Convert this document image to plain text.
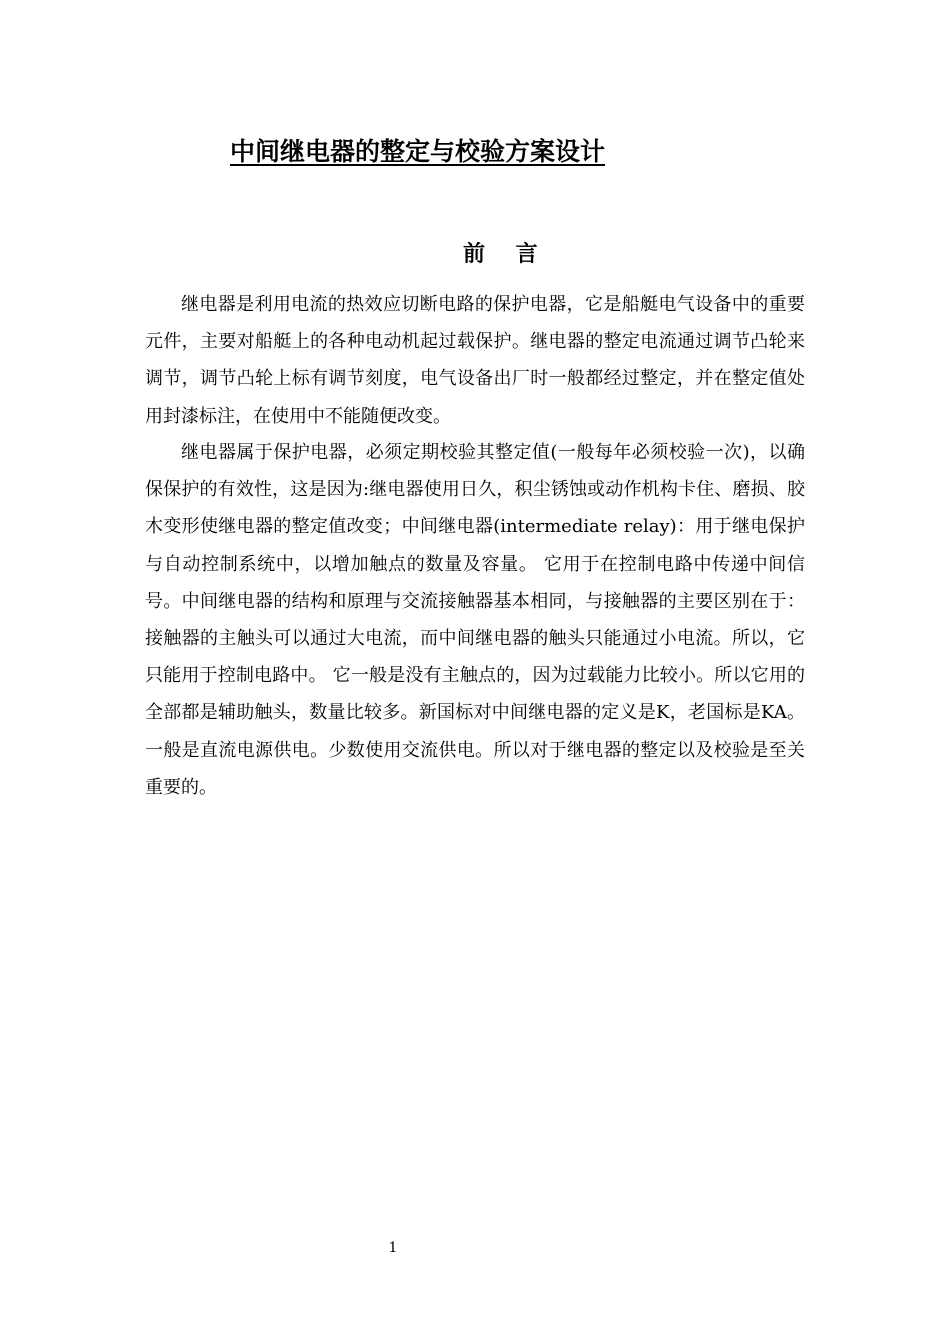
中间继电器的整定与校验方案设计
前    言

继电器是利用电流的热效应切断电路的保护电器，它是船艇电气设备中的重要元件，主要对船艇上的各种电动机起过载保护。继电器的整定电流通过调节凸轮来调节，调节凸轮上标有调节刻度，电气设备出厂时一般都经过整定，并在整定值处用封漆标注，在使用中不能随便改变。

继电器属于保护电器，必须定期校验其整定值(一般每年必须校验一次)，以确保保护的有效性，这是因为:继电器使用日久，积尘锈蚀或动作机构卡住、磨损、胶木变形使继电器的整定值改变；中间继电器(intermediate relay)：用于继电保护与自动控制系统中，以增加触点的数量及容量。 它用于在控制电路中传递中间信号。中间继电器的结构和原理与交流接触器基本相同，与接触器的主要区别在于：接触器的主触头可以通过大电流，而中间继电器的触头只能通过小电流。所以，它只能用于控制电路中。 它一般是没有主触点的，因为过载能力比较小。所以它用的全部都是辅助触头，数量比较多。新国标对中间继电器的定义是K，老国标是KA。一般是直流电源供电。少数使用交流供电。所以对于继电器的整定以及校验是至关重要的。

1
